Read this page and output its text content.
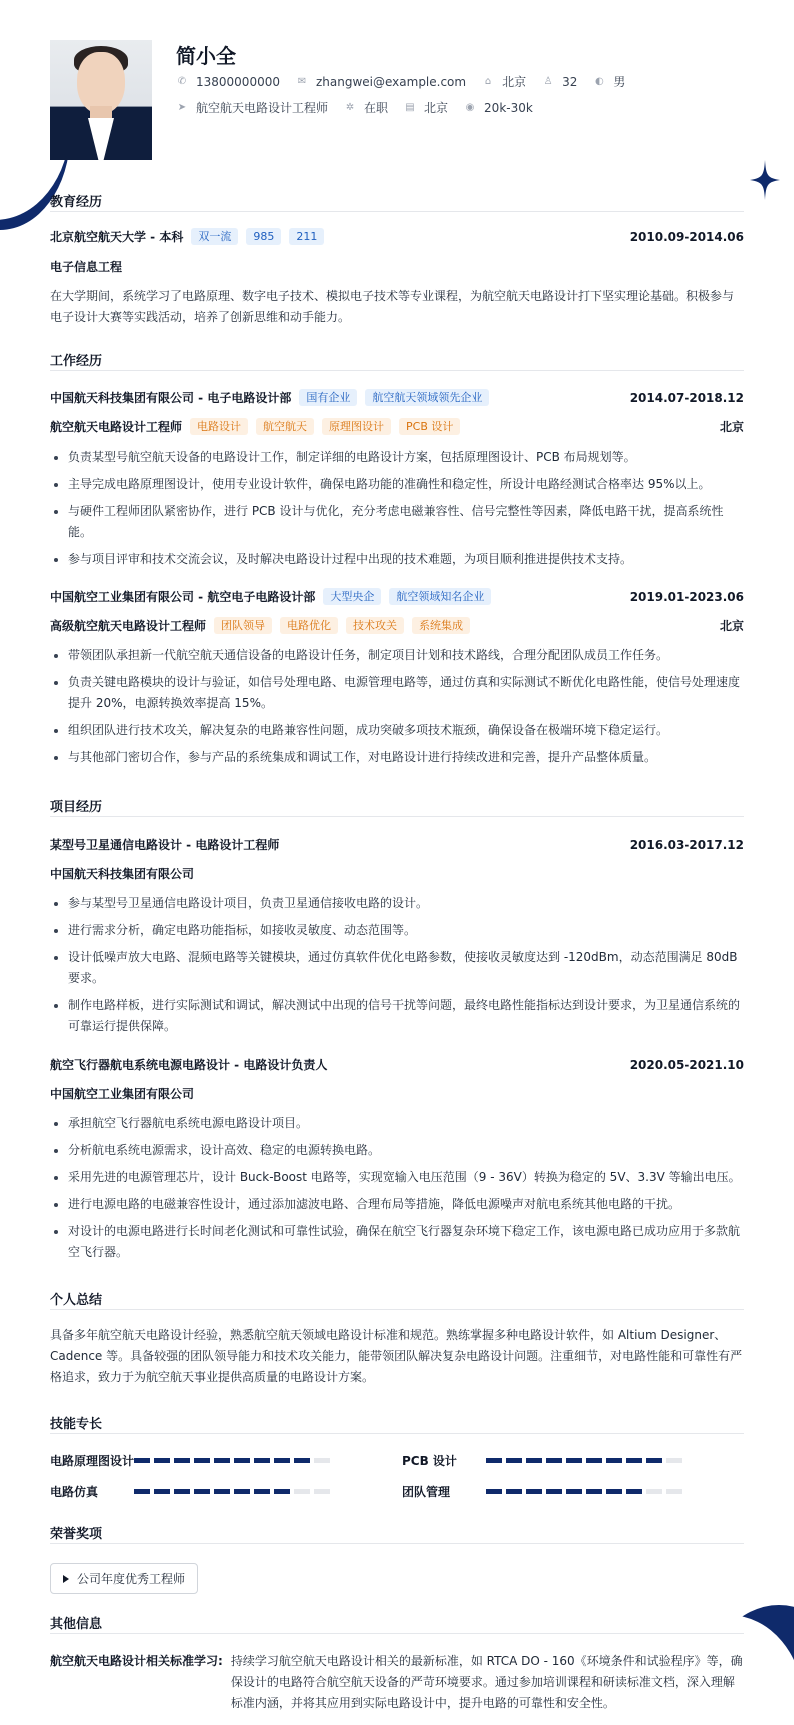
简小全
✆ 13800000000 ✉ zhangwei@example.com ⌂ 北京 ♙ 32 ◐ 男
➤ 航空航天电路设计工程师 ✲ 在职 ▤ 北京 ◉ 20k-30k
教育经历
北京航空航天大学 - 本科	双一流	985	211	2010.09-2014.06
电子信息工程
在大学期间，系统学习了电路原理、数字电子技术、模拟电子技术等专业课程，为航空航天电路设计打下坚实理论基础。积极参与电子设计大赛等实践活动，培养了创新思维和动手能力。
工作经历
中国航天科技集团有限公司 - 电子电路设计部	国有企业	航空航天领域领先企业	2014.07-2018.12
航空航天电路设计工程师	电路设计	航空航天	原理图设计	PCB 设计	北京
负责某型号航空航天设备的电路设计工作，制定详细的电路设计方案，包括原理图设计、PCB 布局规划等。
主导完成电路原理图设计，使用专业设计软件，确保电路功能的准确性和稳定性，所设计电路经测试合格率达 95%以上。
与硬件工程师团队紧密协作，进行 PCB 设计与优化，充分考虑电磁兼容性、信号完整性等因素，降低电路干扰，提高系统性能。
参与项目评审和技术交流会议，及时解决电路设计过程中出现的技术难题，为项目顺利推进提供技术支持。
中国航空工业集团有限公司 - 航空电子电路设计部	大型央企	航空领域知名企业	2019.01-2023.06
高级航空航天电路设计工程师	团队领导	电路优化	技术攻关	系统集成	北京
带领团队承担新一代航空航天通信设备的电路设计任务，制定项目计划和技术路线，合理分配团队成员工作任务。
负责关键电路模块的设计与验证，如信号处理电路、电源管理电路等，通过仿真和实际测试不断优化电路性能，使信号处理速度提升 20%，电源转换效率提高 15%。
组织团队进行技术攻关，解决复杂的电路兼容性问题，成功突破多项技术瓶颈，确保设备在极端环境下稳定运行。
与其他部门密切合作，参与产品的系统集成和调试工作，对电路设计进行持续改进和完善，提升产品整体质量。
项目经历
某型号卫星通信电路设计 - 电路设计工程师	2016.03-2017.12
中国航天科技集团有限公司
参与某型号卫星通信电路设计项目，负责卫星通信接收电路的设计。
进行需求分析，确定电路功能指标，如接收灵敏度、动态范围等。
设计低噪声放大电路、混频电路等关键模块，通过仿真软件优化电路参数，使接收灵敏度达到 -120dBm，动态范围满足 80dB 要求。
制作电路样板，进行实际测试和调试，解决测试中出现的信号干扰等问题，最终电路性能指标达到设计要求，为卫星通信系统的可靠运行提供保障。
航空飞行器航电系统电源电路设计 - 电路设计负责人	2020.05-2021.10
中国航空工业集团有限公司
承担航空飞行器航电系统电源电路设计项目。
分析航电系统电源需求，设计高效、稳定的电源转换电路。
采用先进的电源管理芯片，设计 Buck-Boost 电路等，实现宽输入电压范围（9 - 36V）转换为稳定的 5V、3.3V 等输出电压。
进行电源电路的电磁兼容性设计，通过添加滤波电路、合理布局等措施，降低电源噪声对航电系统其他电路的干扰。
对设计的电源电路进行长时间老化测试和可靠性试验，确保在航空飞行器复杂环境下稳定工作，该电源电路已成功应用于多款航空飞行器。
个人总结
具备多年航空航天电路设计经验，熟悉航空航天领域电路设计标准和规范。熟练掌握多种电路设计软件，如 Altium Designer、Cadence 等。具备较强的团队领导能力和技术攻关能力，能带领团队解决复杂电路设计问题。注重细节，对电路性能和可靠性有严格追求，致力于为航空航天事业提供高质量的电路设计方案。
技能专长
电路原理图设计	PCB 设计
电路仿真	团队管理
荣誉奖项
公司年度优秀工程师
其他信息
航空航天电路设计相关标准学习: 持续学习航空航天电路设计相关的最新标准，如 RTCA DO - 160《环境条件和试验程序》等，确保设计的电路符合航空航天设备的严苛环境要求。通过参加培训课程和研读标准文档，深入理解标准内涵，并将其应用到实际电路设计中，提升电路的可靠性和安全性。
